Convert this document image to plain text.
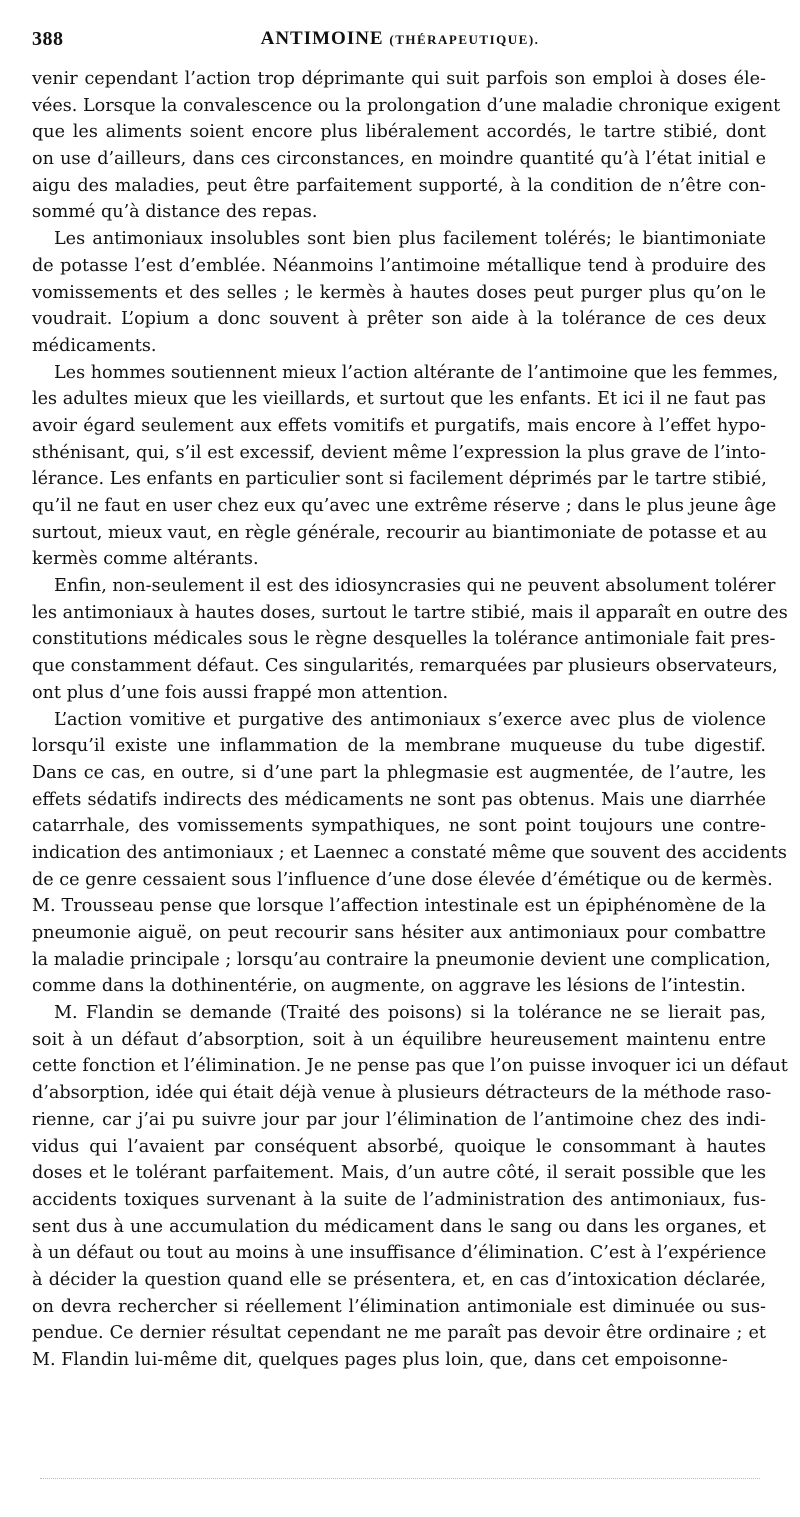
388	ANTIMOINE (THÉRAPEUTIQUE).
venir cependant l’action trop déprimante qui suit parfois son emploi à doses éle-
vées. Lorsque la convalescence ou la prolongation d’une maladie chronique exigent
que les aliments soient encore plus libéralement accordés, le tartre stibié, dont
on use d’ailleurs, dans ces circonstances, en moindre quantité qu’à l’état initial e
aigu des maladies, peut être parfaitement supporté, à la condition de n’être con-
sommé qu’à distance des repas.
Les antimoniaux insolubles sont bien plus facilement tolérés; le biantimoniate
de potasse l’est d’emblée. Néanmoins l’antimoine métallique tend à produire des
vomissements et des selles ; le kermès à hautes doses peut purger plus qu’on le
voudrait. L’opium a donc souvent à prêter son aide à la tolérance de ces deux
médicaments.
Les hommes soutiennent mieux l’action altérante de l’antimoine que les femmes,
les adultes mieux que les vieillards, et surtout que les enfants. Et ici il ne faut pas
avoir égard seulement aux effets vomitifs et purgatifs, mais encore à l’effet hypo-
sthénisant, qui, s’il est excessif, devient même l’expression la plus grave de l’into-
lérance. Les enfants en particulier sont si facilement déprimés par le tartre stibié,
qu’il ne faut en user chez eux qu’avec une extrême réserve ; dans le plus jeune âge
surtout, mieux vaut, en règle générale, recourir au biantimoniate de potasse et au
kermès comme altérants.
Enfin, non-seulement il est des idiosyncrasies qui ne peuvent absolument tolérer
les antimoniaux à hautes doses, surtout le tartre stibié, mais il apparaît en outre des
constitutions médicales sous le règne desquelles la tolérance antimoniale fait pres-
que constamment défaut. Ces singularités, remarquées par plusieurs observateurs,
ont plus d’une fois aussi frappé mon attention.
L’action vomitive et purgative des antimoniaux s’exerce avec plus de violence
lorsqu’il existe une inflammation de la membrane muqueuse du tube digestif.
Dans ce cas, en outre, si d’une part la phlegmasie est augmentée, de l’autre, les
effets sédatifs indirects des médicaments ne sont pas obtenus. Mais une diarrhée
catarrhale, des vomissements sympathiques, ne sont point toujours une contre-
indication des antimoniaux ; et Laennec a constaté même que souvent des accidents
de ce genre cessaient sous l’influence d’une dose élevée d’émétique ou de kermès.
M. Trousseau pense que lorsque l’affection intestinale est un épiphénomène de la
pneumonie aiguë, on peut recourir sans hésiter aux antimoniaux pour combattre
la maladie principale ; lorsqu’au contraire la pneumonie devient une complication,
comme dans la dothinentérie, on augmente, on aggrave les lésions de l’intestin.
M. Flandin se demande (Traité des poisons) si la tolérance ne se lierait pas,
soit à un défaut d’absorption, soit à un équilibre heureusement maintenu entre
cette fonction et l’élimination. Je ne pense pas que l’on puisse invoquer ici un défaut
d’absorption, idée qui était déjà venue à plusieurs détracteurs de la méthode raso-
rienne, car j’ai pu suivre jour par jour l’élimination de l’antimoine chez des indi-
vidus qui l’avaient par conséquent absorbé, quoique le consommant à hautes
doses et le tolérant parfaitement. Mais, d’un autre côté, il serait possible que les
accidents toxiques survenant à la suite de l’administration des antimoniaux, fus-
sent dus à une accumulation du médicament dans le sang ou dans les organes, et
à un défaut ou tout au moins à une insuffisance d’élimination. C’est à l’expérience
à décider la question quand elle se présentera, et, en cas d’intoxication déclarée,
on devra rechercher si réellement l’élimination antimoniale est diminuée ou sus-
pendue. Ce dernier résultat cependant ne me paraît pas devoir être ordinaire ; et
M. Flandin lui-même dit, quelques pages plus loin, que, dans cet empoisonne-
